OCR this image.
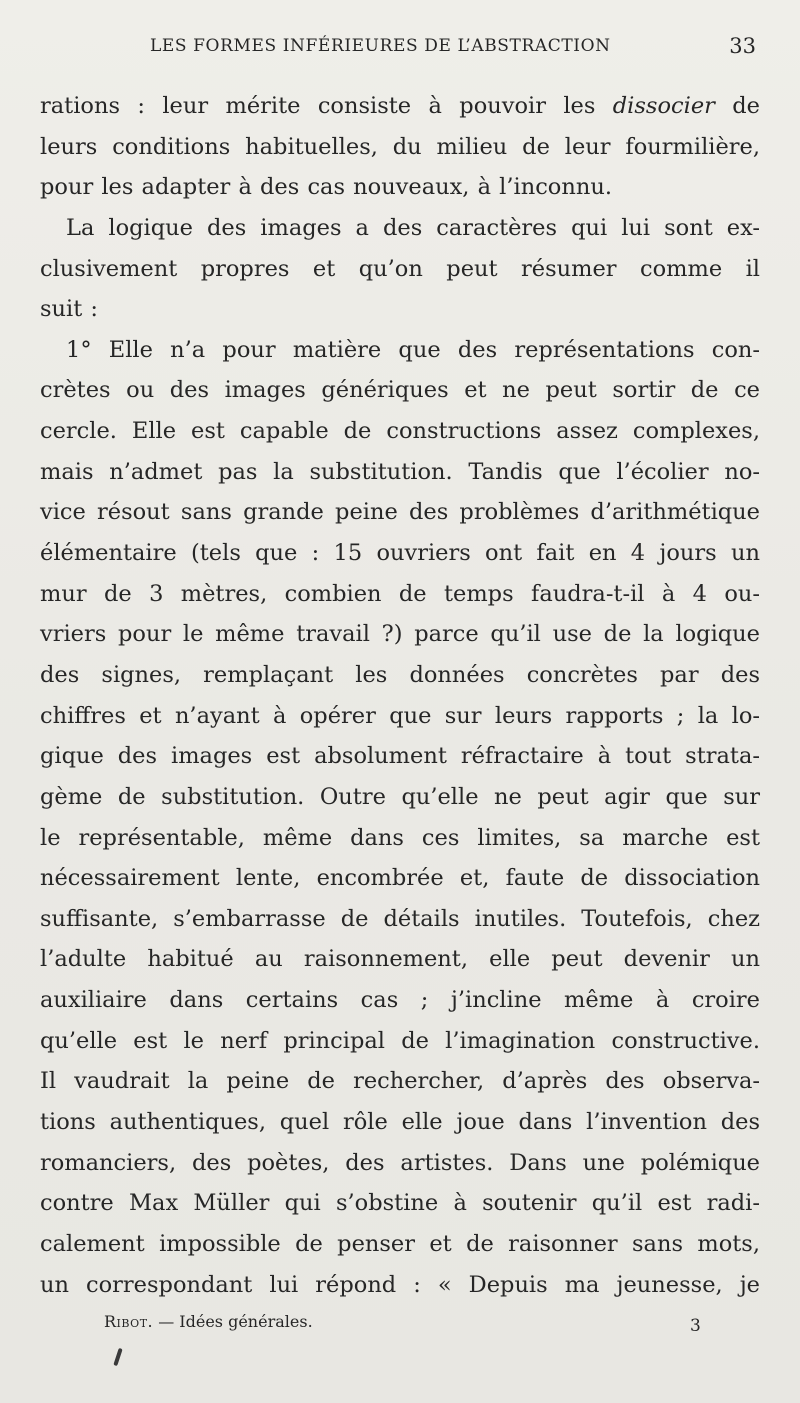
LES FORMES INFÉRIEURES DE L’ABSTRACTION	33
rations : leur mérite consiste à pouvoir les dissocier de
leurs conditions habituelles, du milieu de leur fourmilière,
pour les adapter à des cas nouveaux, à l’inconnu.
La logique des images a des caractères qui lui sont ex-
clusivement propres et qu’on peut résumer comme il
suit :
1° Elle n’a pour matière que des représentations con-
crètes ou des images génériques et ne peut sortir de ce
cercle. Elle est capable de constructions assez complexes,
mais n’admet pas la substitution. Tandis que l’écolier no-
vice résout sans grande peine des problèmes d’arithmétique
élémentaire (tels que : 15 ouvriers ont fait en 4 jours un
mur de 3 mètres, combien de temps faudra-t-il à 4 ou-
vriers pour le même travail ?) parce qu’il use de la logique
des signes, remplaçant les données concrètes par des
chiffres et n’ayant à opérer que sur leurs rapports ; la lo-
gique des images est absolument réfractaire à tout strata-
gème de substitution. Outre qu’elle ne peut agir que sur
le représentable, même dans ces limites, sa marche est
nécessairement lente, encombrée et, faute de dissociation
suffisante, s’embarrasse de détails inutiles. Toutefois, chez
l’adulte habitué au raisonnement, elle peut devenir un
auxiliaire dans certains cas ; j’incline même à croire
qu’elle est le nerf principal de l’imagination constructive.
Il vaudrait la peine de rechercher, d’après des observa-
tions authentiques, quel rôle elle joue dans l’invention des
romanciers, des poètes, des artistes. Dans une polémique
contre Max Müller qui s’obstine à soutenir qu’il est radi-
calement impossible de penser et de raisonner sans mots,
un correspondant lui répond : « Depuis ma jeunesse, je
Ribot. — Idées générales.	3
